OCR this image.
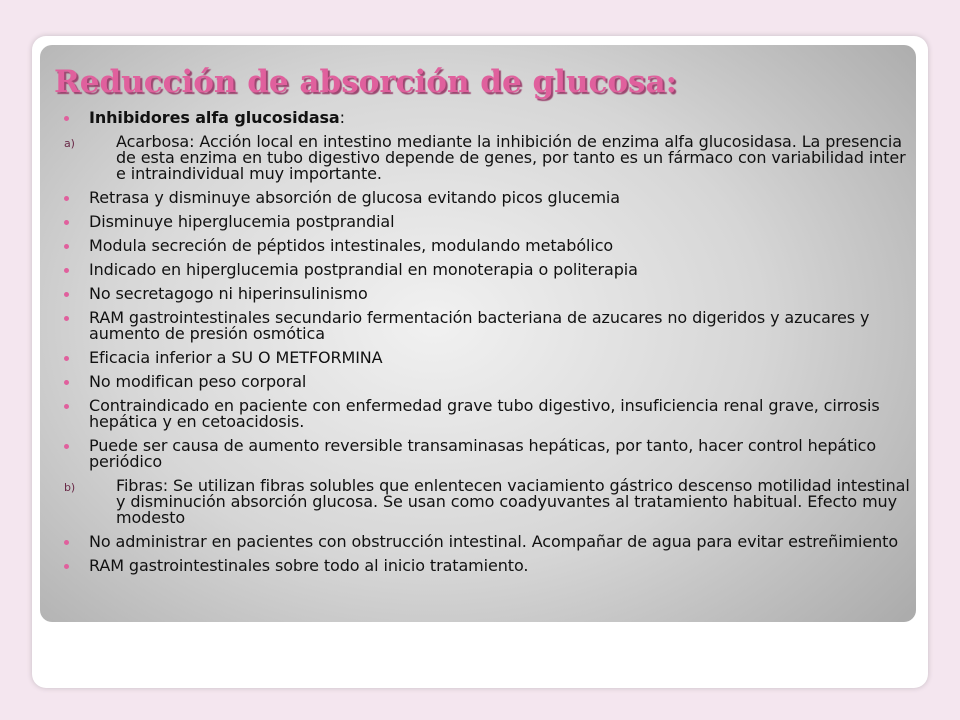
Reducción de absorción de glucosa:
Inhibidores alfa glucosidasa:
a)	Acarbosa: Acción local en intestino mediante la inhibición de enzima alfa glucosidasa. La presencia de esta enzima en tubo digestivo depende de genes, por tanto es un fármaco con variabilidad inter e intraindividual muy importante.
Retrasa y disminuye absorción de glucosa evitando picos glucemia
Disminuye hiperglucemia postprandial
Modula secreción de péptidos intestinales, modulando metabólico
Indicado en hiperglucemia postprandial en monoterapia o politerapia
No secretagogo ni hiperinsulinismo
RAM gastrointestinales secundario fermentación bacteriana de azucares no digeridos y azucares y aumento de presión osmótica
Eficacia inferior a SU O METFORMINA
No modifican peso corporal
Contraindicado en paciente con enfermedad grave tubo digestivo, insuficiencia renal grave, cirrosis hepática y en cetoacidosis.
Puede ser causa de aumento reversible transaminasas hepáticas, por tanto, hacer control hepático periódico
b)	Fibras: Se utilizan fibras solubles que enlentecen vaciamiento gástrico descenso motilidad intestinal y disminución absorción glucosa. Se usan como coadyuvantes al tratamiento habitual. Efecto muy modesto
No administrar en pacientes con obstrucción intestinal. Acompañar de agua para evitar estreñimiento
RAM gastrointestinales sobre todo al inicio tratamiento.
